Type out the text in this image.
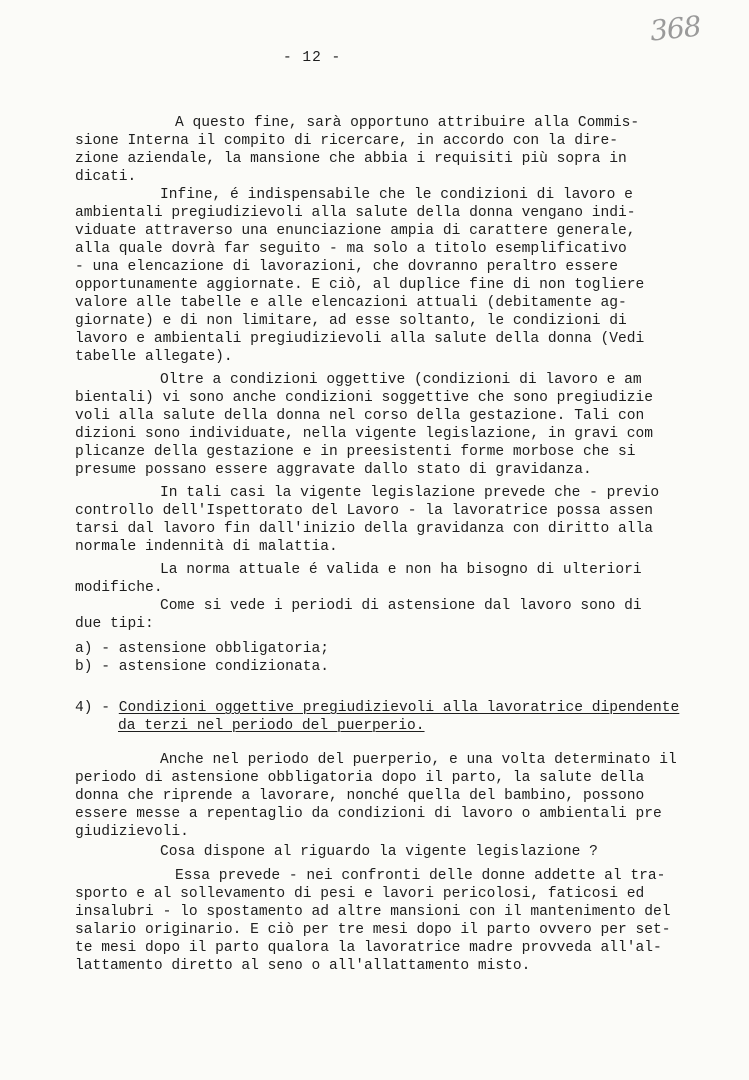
368
- 12 -
A questo fine, sarà opportuno attribuire alla Commis-
sione Interna il compito di ricercare, in accordo con la dire-
zione aziendale, la mansione che abbia i requisiti più sopra in
dicati.
Infine, é indispensabile che le condizioni di lavoro e
ambientali pregiudizievoli alla salute della donna vengano indi-
viduate attraverso una enunciazione ampia di carattere generale,
alla quale dovrà far seguito - ma solo a titolo esemplificativo
- una elencazione di lavorazioni, che dovranno peraltro essere
opportunamente aggiornate. E ciò, al duplice fine di non togliere
valore alle tabelle e alle elencazioni attuali (debitamente ag-
giornate) e di non limitare, ad esse soltanto, le condizioni di
lavoro e ambientali pregiudizievoli alla salute della donna (Vedi
tabelle allegate).
Oltre a condizioni oggettive (condizioni di lavoro e am
bientali) vi sono anche condizioni soggettive che sono pregiudizie
voli alla salute della donna nel corso della gestazione. Tali con
dizioni sono individuate, nella vigente legislazione, in gravi com
plicanze della gestazione e in preesistenti forme morbose che si
presume possano essere aggravate dallo stato di gravidanza.
In tali casi la vigente legislazione prevede che - previo
controllo dell'Ispettorato del Lavoro - la lavoratrice possa assen
tarsi dal lavoro fin dall'inizio della gravidanza con diritto alla
normale indennità di malattia.
La norma attuale é valida e non ha bisogno di ulteriori
modifiche.
Come si vede i periodi di astensione dal lavoro sono di
due tipi:
a) - astensione obbligatoria;
b) - astensione condizionata.
4) - Condizioni oggettive pregiudizievoli alla lavoratrice dipendente
da terzi nel periodo del puerperio.
Anche nel periodo del puerperio, e una volta determinato il
periodo di astensione obbligatoria dopo il parto, la salute della
donna che riprende a lavorare, nonché quella del bambino, possono
essere messe a repentaglio da condizioni di lavoro o ambientali pre
giudizievoli.
Cosa dispone al riguardo la vigente legislazione ?
Essa prevede - nei confronti delle donne addette al tra-
sporto e al sollevamento di pesi e lavori pericolosi, faticosi ed
insalubri - lo spostamento ad altre mansioni con il mantenimento del
salario originario. E ciò per tre mesi dopo il parto ovvero per set-
te mesi dopo il parto qualora la lavoratrice madre provveda all'al-
lattamento diretto al seno o all'allattamento misto.
